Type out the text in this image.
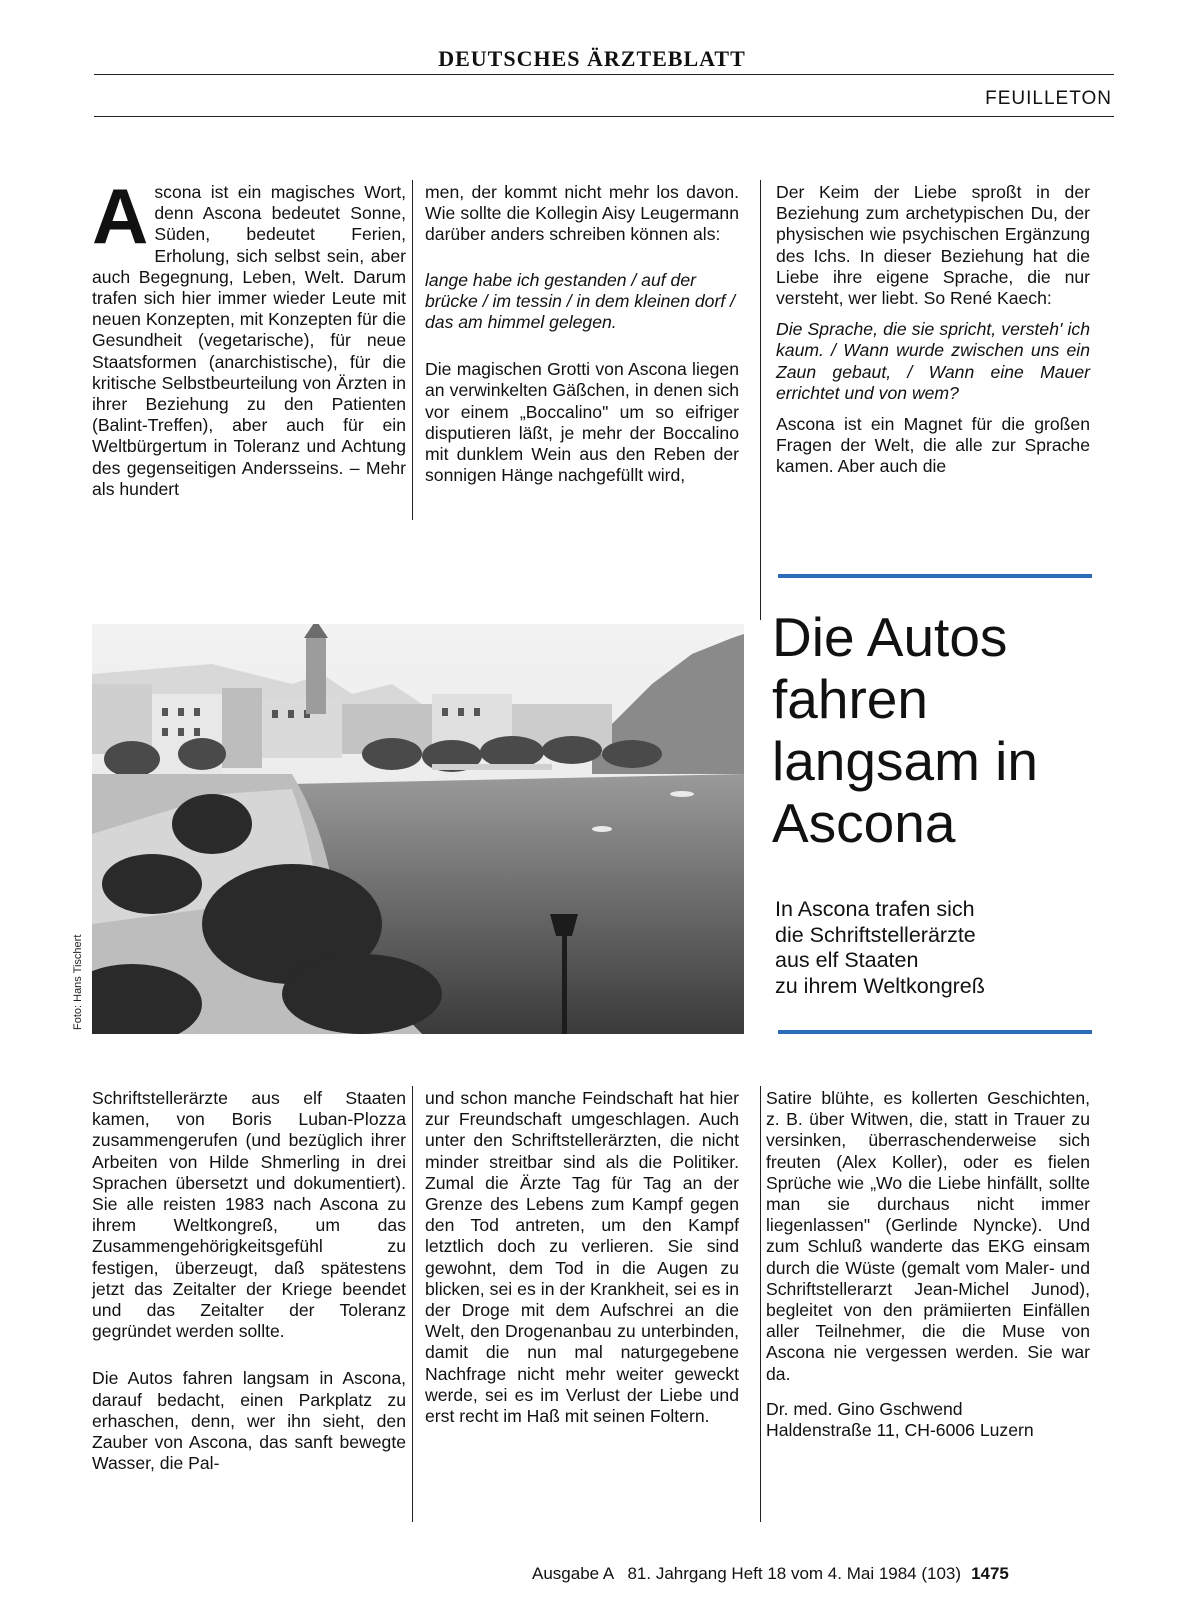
DEUTSCHES ÄRZTEBLATT
FEUILLETON

A scona ist ein magisches Wort, denn Ascona bedeutet Sonne, Süden, bedeutet Ferien, Erholung, sich selbst sein, aber auch Begegnung, Leben, Welt. Darum trafen sich hier immer wieder Leute mit neuen Konzepten, mit Konzepten für die Gesundheit (vegetarische), für neue Staatsformen (anarchistische), für die kritische Selbstbeurteilung von Ärzten in ihrer Beziehung zu den Patienten (Balint-Treffen), aber auch für ein Weltbürgertum in Toleranz und Achtung des gegenseitigen Andersseins. – Mehr als hundert

men, der kommt nicht mehr los davon. Wie sollte die Kollegin Aisy Leugermann darüber anders schreiben können als:

lange habe ich gestanden / auf der brücke / im tessin / in dem kleinen dorf / das am himmel gelegen.

Die magischen Grotti von Ascona liegen an verwinkelten Gäßchen, in denen sich vor einem „Boccalino" um so eifriger disputieren läßt, je mehr der Boccalino mit dunklem Wein aus den Reben der sonnigen Hänge nachgefüllt wird,

Der Keim der Liebe sproßt in der Beziehung zum archetypischen Du, der physischen wie psychischen Ergänzung des Ichs. In dieser Beziehung hat die Liebe ihre eigene Sprache, die nur versteht, wer liebt. So René Kaech:

Die Sprache, die sie spricht, versteh' ich kaum. / Wann wurde zwischen uns ein Zaun gebaut, / Wann eine Mauer errichtet und von wem?

Ascona ist ein Magnet für die großen Fragen der Welt, die alle zur Sprache kamen. Aber auch die

Die Autos
fahren
langsam in
Ascona
In Ascona trafen sich
die Schriftstellerärzte
aus elf Staaten
zu ihrem Weltkongreß
Foto: Hans Tischert

Schriftstellerärzte aus elf Staaten kamen, von Boris Luban-Plozza zusammengerufen (und bezüglich ihrer Arbeiten von Hilde Shmerling in drei Sprachen übersetzt und dokumentiert). Sie alle reisten 1983 nach Ascona zu ihrem Weltkongreß, um das Zusammengehörigkeitsgefühl zu festigen, überzeugt, daß spätestens jetzt das Zeitalter der Kriege beendet und das Zeitalter der Toleranz gegründet werden sollte.

Die Autos fahren langsam in Ascona, darauf bedacht, einen Parkplatz zu erhaschen, denn, wer ihn sieht, den Zauber von Ascona, das sanft bewegte Wasser, die Pal-

und schon manche Feindschaft hat hier zur Freundschaft umgeschlagen. Auch unter den Schriftstellerärzten, die nicht minder streitbar sind als die Politiker. Zumal die Ärzte Tag für Tag an der Grenze des Lebens zum Kampf gegen den Tod antreten, um den Kampf letztlich doch zu verlieren. Sie sind gewohnt, dem Tod in die Augen zu blicken, sei es in der Krankheit, sei es in der Droge mit dem Aufschrei an die Welt, den Drogenanbau zu unterbinden, damit die nun mal naturgegebene Nachfrage nicht mehr weiter geweckt werde, sei es im Verlust der Liebe und erst recht im Haß mit seinen Foltern.

Satire blühte, es kollerten Geschichten, z. B. über Witwen, die, statt in Trauer zu versinken, überraschenderweise sich freuten (Alex Koller), oder es fielen Sprüche wie „Wo die Liebe hinfällt, sollte man sie durchaus nicht immer liegenlassen" (Gerlinde Nyncke). Und zum Schluß wanderte das EKG einsam durch die Wüste (gemalt vom Maler- und Schriftstellerarzt Jean-Michel Junod), begleitet von den prämiierten Einfällen aller Teilnehmer, die die Muse von Ascona nie vergessen werden. Sie war da.

Dr. med. Gino Gschwend
Haldenstraße 11, CH-6006 Luzern
Ausgabe A   81. Jahrgang Heft 18 vom 4. Mai 1984 (103) 1475
